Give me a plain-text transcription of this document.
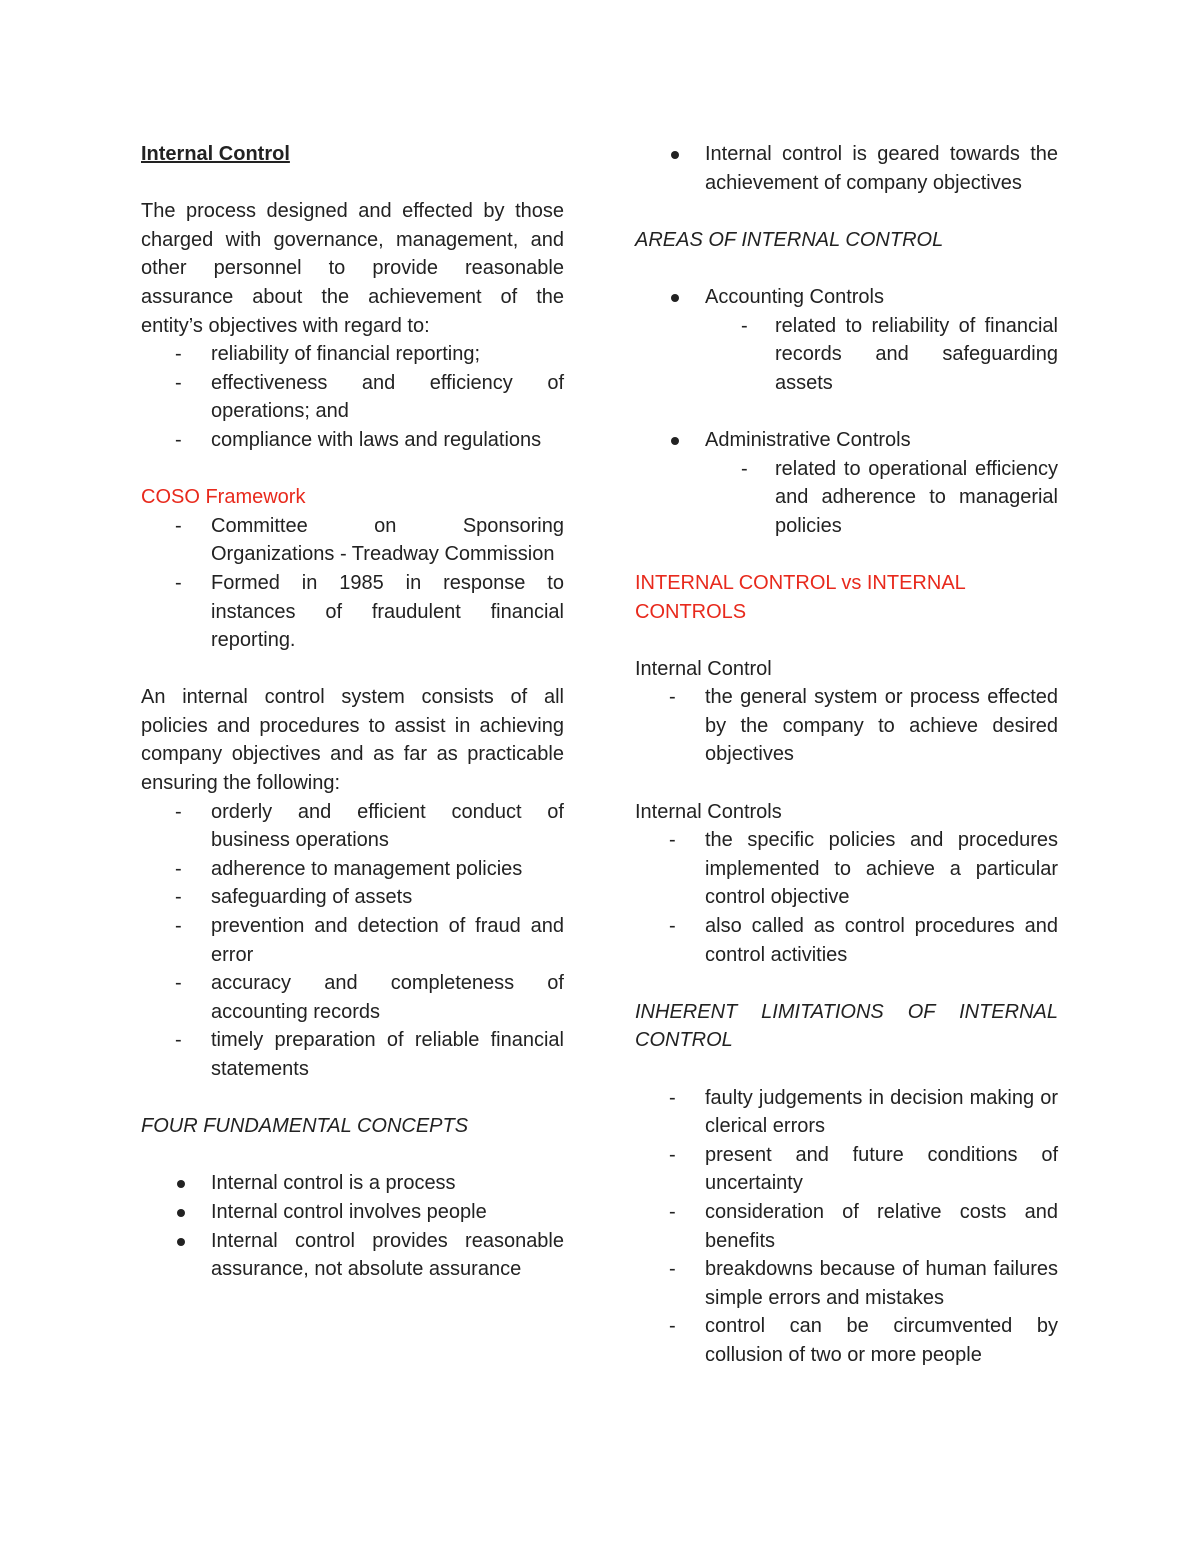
Internal Control

The process designed and effected by those charged with governance, management, and other personnel to provide reasonable assurance about the achievement of the entity’s objectives with regard to:

- reliability of financial reporting;
- effectiveness and efficiency of operations; and
- compliance with laws and regulations

COSO Framework

- Committee on Sponsoring Organizations - Treadway Commission
- Formed in 1985 in response to instances of fraudulent financial reporting.

An internal control system consists of all policies and procedures to assist in achieving company objectives and as far as practicable ensuring the following:

- orderly and efficient conduct of business operations
- adherence to management policies
- safeguarding of assets
- prevention and detection of fraud and error
- accuracy and completeness of accounting records
- timely preparation of reliable financial statements

FOUR FUNDAMENTAL CONCEPTS

Internal control is a process
Internal control involves people
Internal control provides reasonable assurance, not absolute assurance
Internal control is geared towards the achievement of company objectives

AREAS OF INTERNAL CONTROL

Accounting Controls
- related to reliability of financial records and safeguarding assets
Administrative Controls
- related to operational efficiency and adherence to managerial policies

INTERNAL CONTROL vs INTERNAL

CONTROLS

Internal Control

- the general system or process effected by the company to achieve desired objectives

Internal Controls

- the specific policies and procedures implemented to achieve a particular control objective
- also called as control procedures and control activities

INHERENT LIMITATIONS OF INTERNAL CONTROL

- faulty judgements in decision making or clerical errors
- present and future conditions of uncertainty
- consideration of relative costs and benefits
- breakdowns because of human failures simple errors and mistakes
- control can be circumvented by collusion of two or more people
